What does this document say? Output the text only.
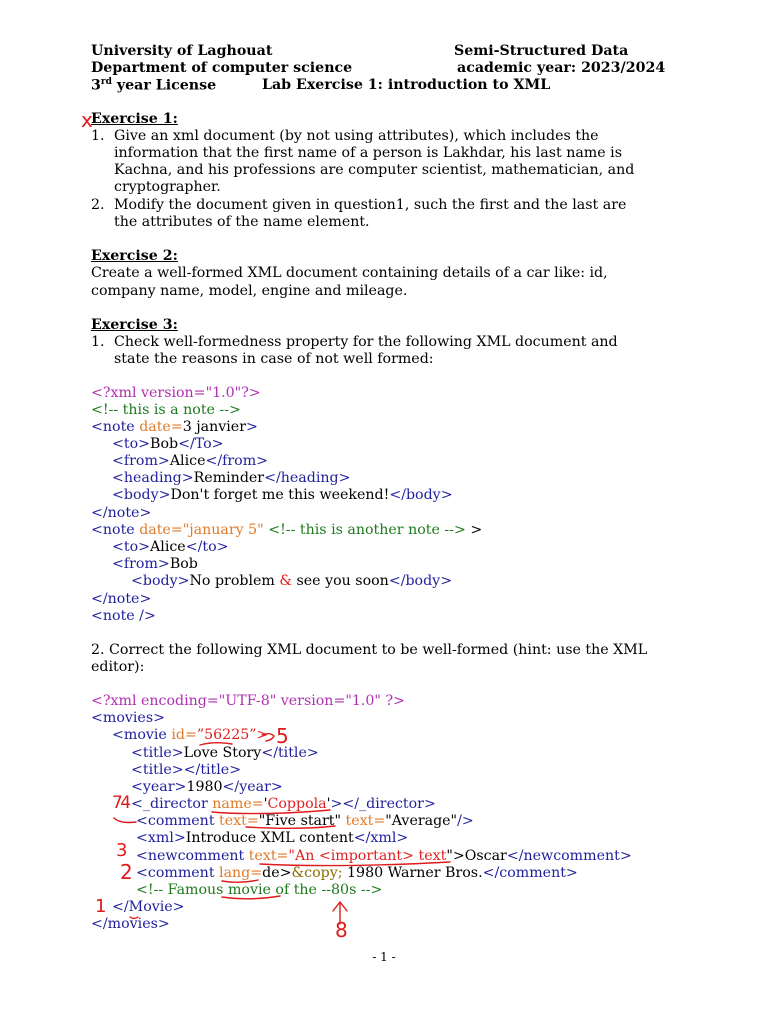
University of Laghouat	Semi-Structured Data
Department of computer science	academic year: 2023/2024
3rd year License	Lab Exercise 1: introduction to XML
Exercise 1:
1. Give an xml document (by not using attributes), which includes the
information that the first name of a person is Lakhdar, his last name is
Kachna, and his professions are computer scientist, mathematician, and
cryptographer.
2. Modify the document given in question1, such the first and the last are
the attributes of the name element.
Exercise 2:
Create a well-formed XML document containing details of a car like: id,
company name, model, engine and mileage.
Exercise 3:
1. Check well-formedness property for the following XML document and
state the reasons in case of not well formed:
<?xml version="1.0"?>
<!-- this is a note -->
<note date=3 janvier>
<to>Bob</To>
<from>Alice</from>
<heading>Reminder</heading>
<body>Don't forget me this weekend!</body>
</note>
<note date="january 5" <!-- this is another note --> >
<to>Alice</to>
<from>Bob
<body>No problem & see you soon</body>
</note>
<note />
2. Correct the following XML document to be well-formed (hint: use the XML
editor):
<?xml encoding="UTF-8" version="1.0" ?>
<movies>
<movie id=”56225”>
<title>Love Story</title>
<title></title>
<year>1980</year>
<_director name='Coppola'></_director>
<comment text="Five start" text="Average"/>
<xml>Introduce XML content</xml>
<newcomment text="An <important> text">Oscar</newcomment>
<comment lang=de>&copy; 1980 Warner Bros.</comment>
<!-- Famous movie of the --80s -->
</Movie>
</movies>
x
5
7 4
3
2
1
8
- 1 -
